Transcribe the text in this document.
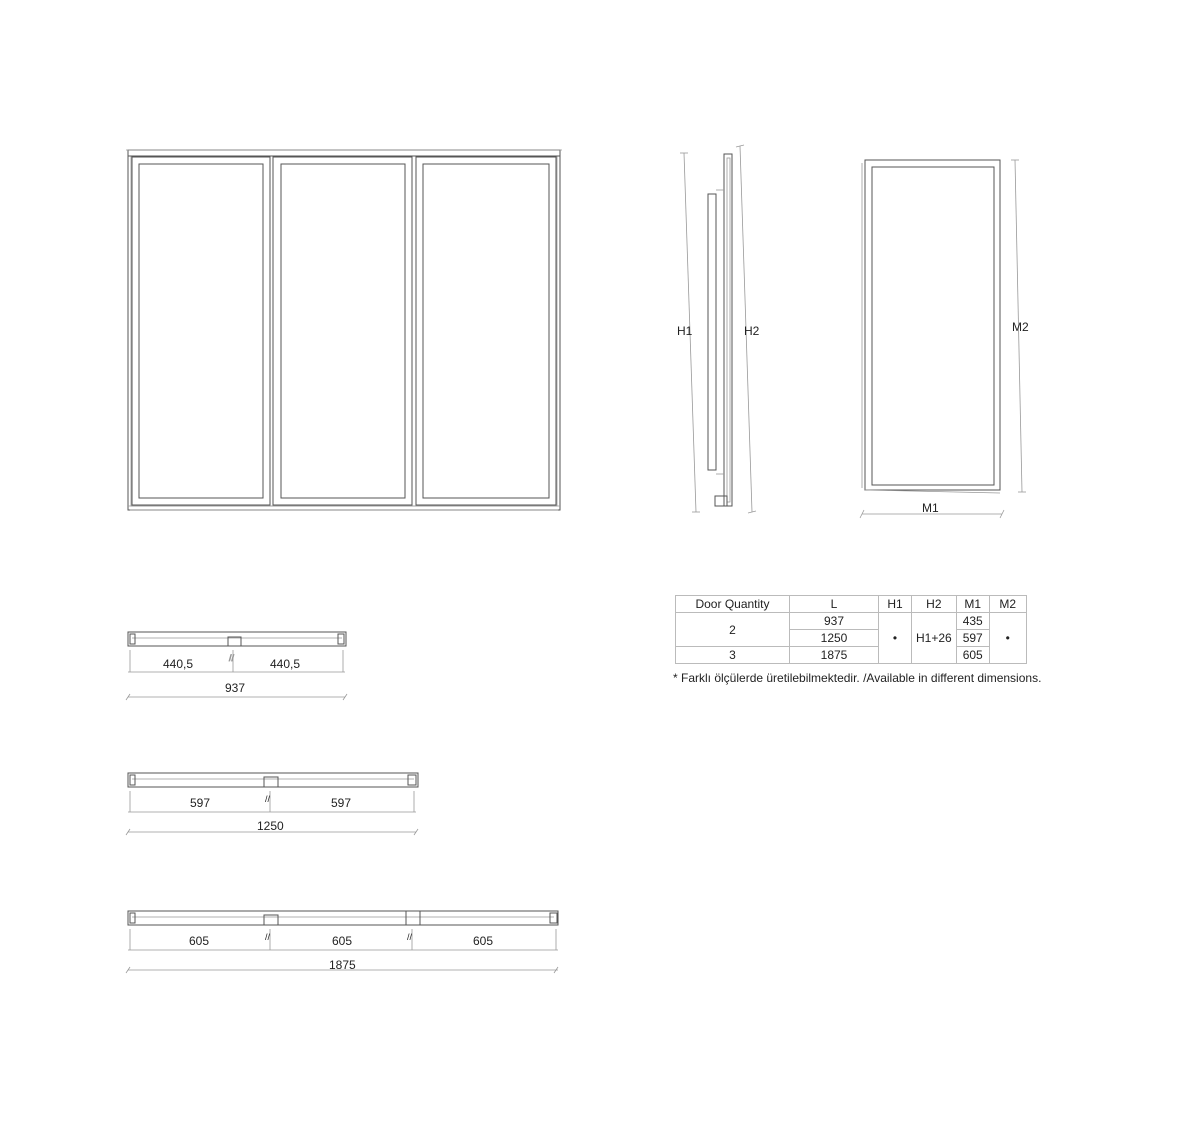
H1	H2	M2
M1
//
440,5	440,5
937
//
597	597
1250
//	//
605	605	605
1875
Door Quantity	L	H1	H2	M1	M2
2	937	•	H1+26	435	•
	1250			597	
3	1875			605	
* Farklı ölçülerde üretilebilmektedir. /Available in different dimensions.
